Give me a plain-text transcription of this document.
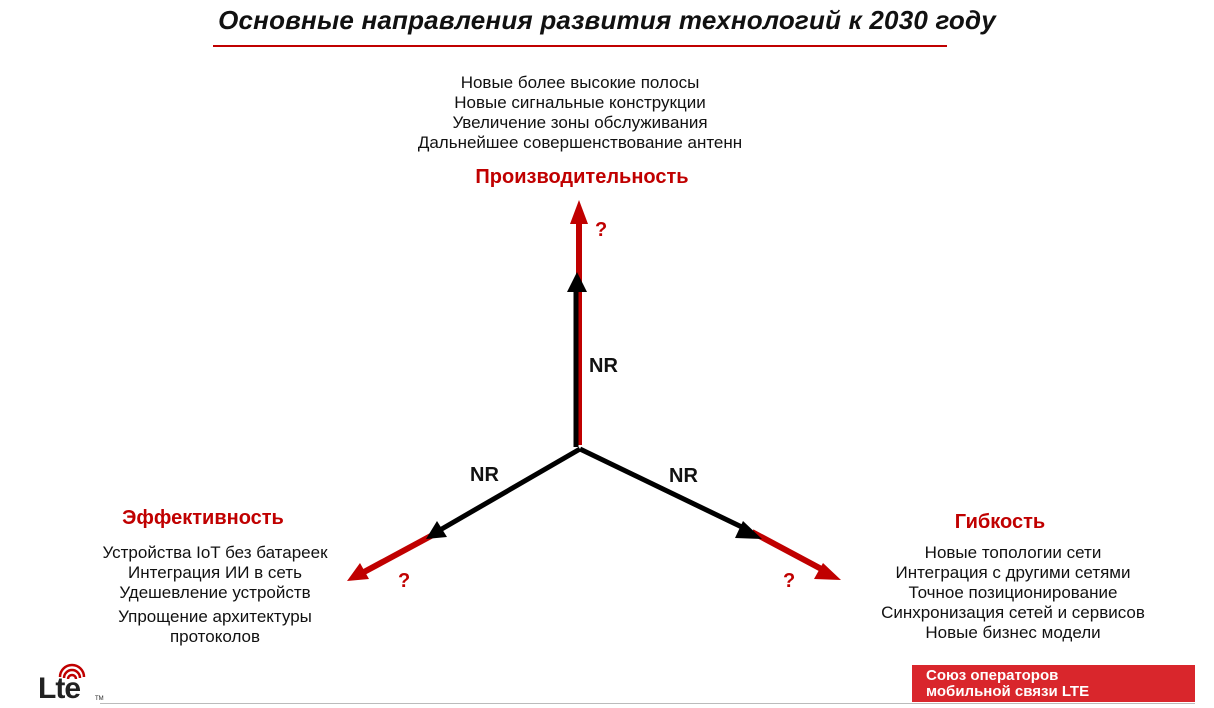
Основные направления развития технологий к 2030 году
Новые более высокие полосы
Новые сигнальные конструкции
Увеличение зоны обслуживания
Дальнейшее совершенствование антенн
Производительность
Эффективность
Устройства IoT без батареек
Интеграция ИИ в сеть
Удешевление устройств
Упрощение архитектуры
протоколов
Гибкость
Новые топологии сети
Интеграция с другими сетями
Точное позиционирование
Синхронизация сетей и сервисов
Новые бизнес модели
NR
NR	NR
?
?	?
Lte	TM
Союз операторов
мобильной связи LTE
